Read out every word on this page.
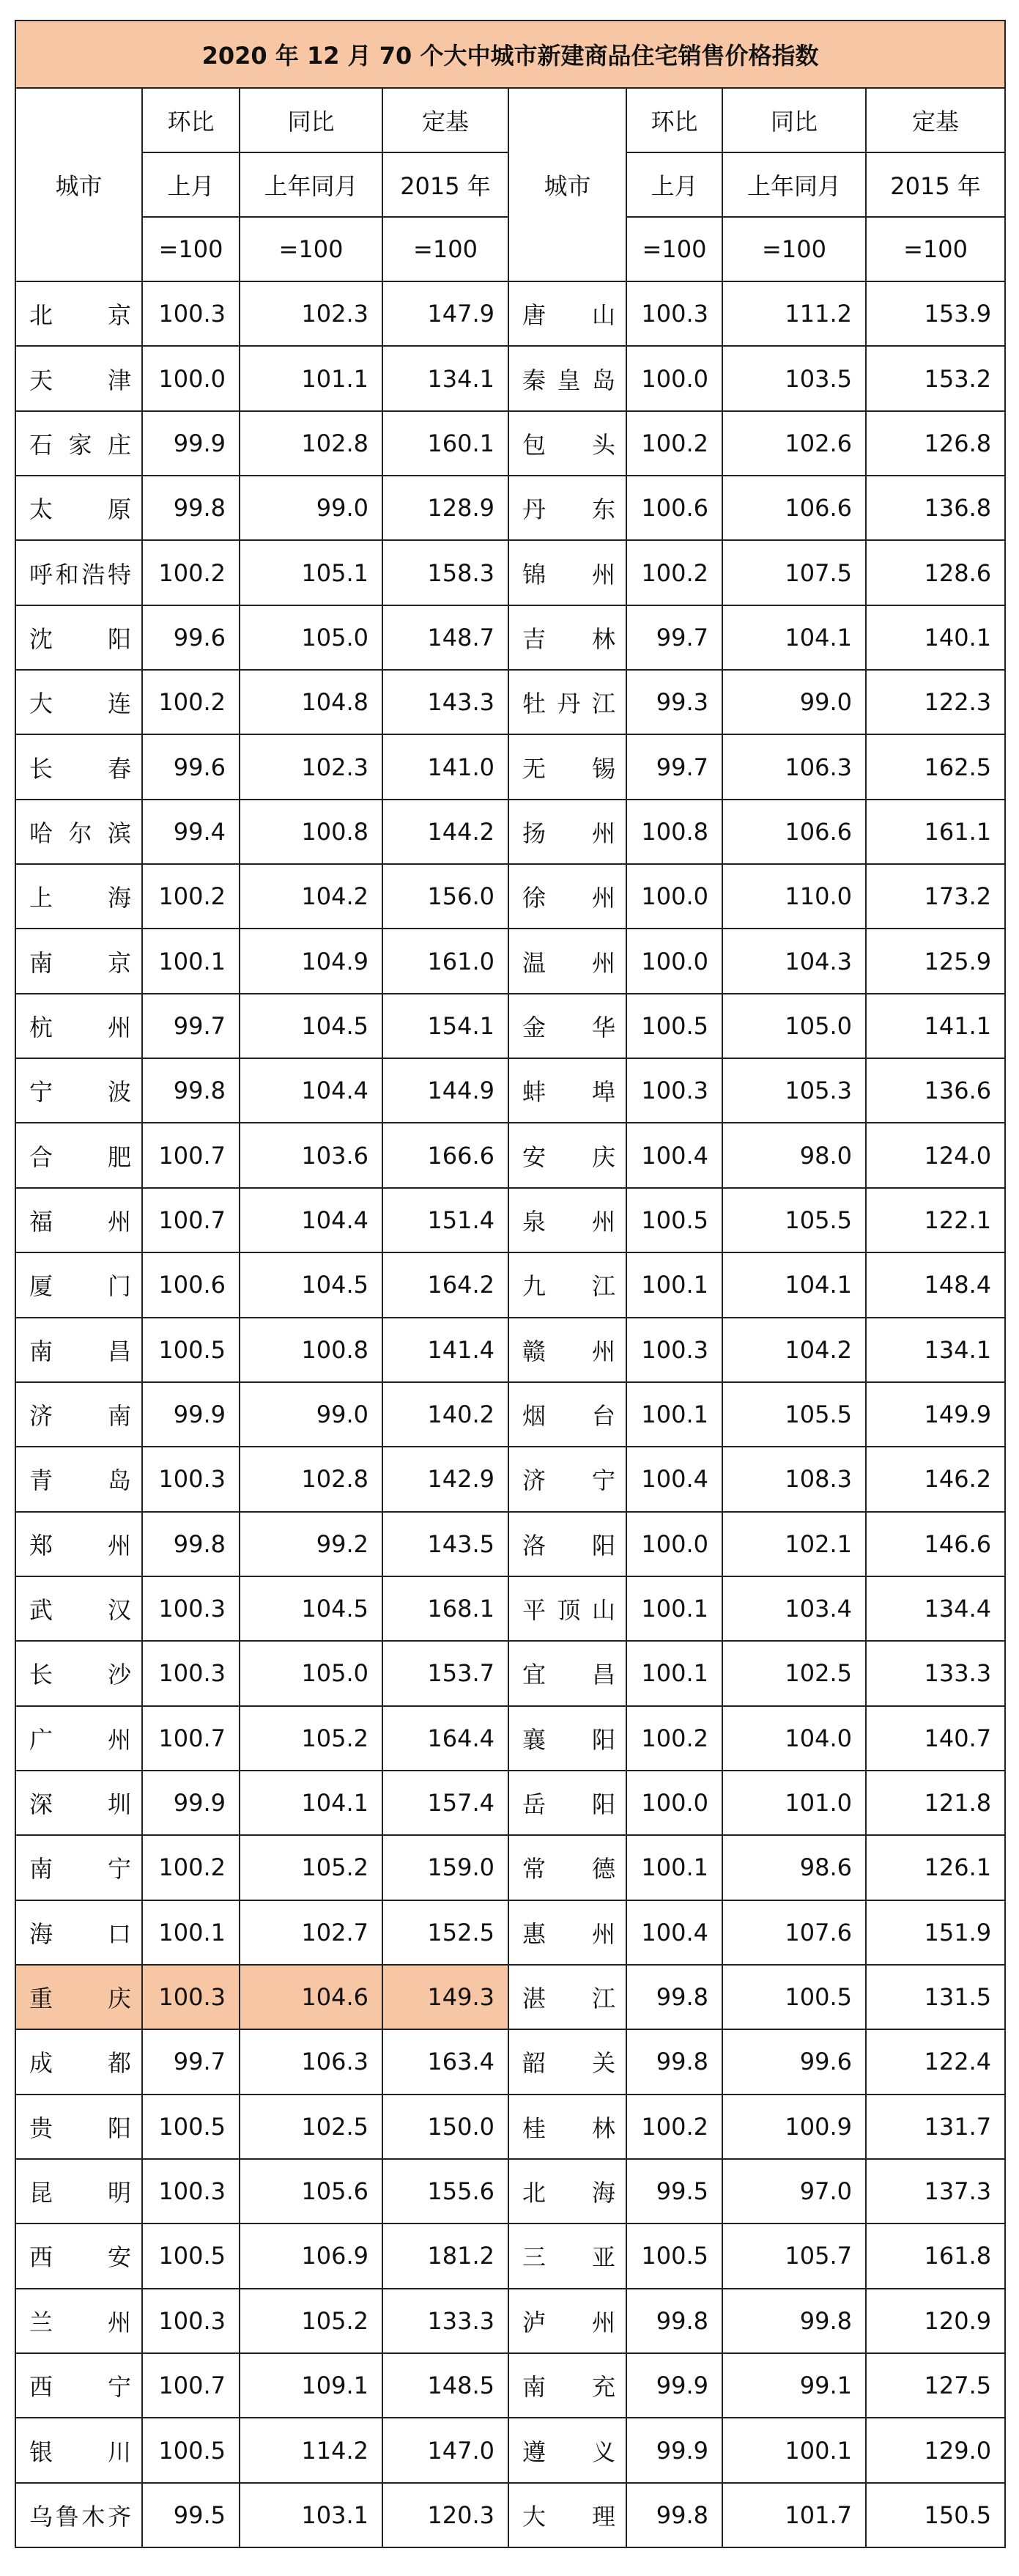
2020 年 12 月 70 个大中城市新建商品住宅销售价格指数							
城市	环比	同比	定基	城市	环比	同比	定基
	上月	上年同月	2015 年		上月	上年同月	2015 年
	=100	=100	=100		=100	=100	=100
北京	100.3	102.3	147.9	唐山	100.3	111.2	153.9
天津	100.0	101.1	134.1	秦皇岛	100.0	103.5	153.2
石家庄	99.9	102.8	160.1	包头	100.2	102.6	126.8
太原	99.8	99.0	128.9	丹东	100.6	106.6	136.8
呼和浩特	100.2	105.1	158.3	锦州	100.2	107.5	128.6
沈阳	99.6	105.0	148.7	吉林	99.7	104.1	140.1
大连	100.2	104.8	143.3	牡丹江	99.3	99.0	122.3
长春	99.6	102.3	141.0	无锡	99.7	106.3	162.5
哈尔滨	99.4	100.8	144.2	扬州	100.8	106.6	161.1
上海	100.2	104.2	156.0	徐州	100.0	110.0	173.2
南京	100.1	104.9	161.0	温州	100.0	104.3	125.9
杭州	99.7	104.5	154.1	金华	100.5	105.0	141.1
宁波	99.8	104.4	144.9	蚌埠	100.3	105.3	136.6
合肥	100.7	103.6	166.6	安庆	100.4	98.0	124.0
福州	100.7	104.4	151.4	泉州	100.5	105.5	122.1
厦门	100.6	104.5	164.2	九江	100.1	104.1	148.4
南昌	100.5	100.8	141.4	赣州	100.3	104.2	134.1
济南	99.9	99.0	140.2	烟台	100.1	105.5	149.9
青岛	100.3	102.8	142.9	济宁	100.4	108.3	146.2
郑州	99.8	99.2	143.5	洛阳	100.0	102.1	146.6
武汉	100.3	104.5	168.1	平顶山	100.1	103.4	134.4
长沙	100.3	105.0	153.7	宜昌	100.1	102.5	133.3
广州	100.7	105.2	164.4	襄阳	100.2	104.0	140.7
深圳	99.9	104.1	157.4	岳阳	100.0	101.0	121.8
南宁	100.2	105.2	159.0	常德	100.1	98.6	126.1
海口	100.1	102.7	152.5	惠州	100.4	107.6	151.9
重庆	100.3	104.6	149.3	湛江	99.8	100.5	131.5
成都	99.7	106.3	163.4	韶关	99.8	99.6	122.4
贵阳	100.5	102.5	150.0	桂林	100.2	100.9	131.7
昆明	100.3	105.6	155.6	北海	99.5	97.0	137.3
西安	100.5	106.9	181.2	三亚	100.5	105.7	161.8
兰州	100.3	105.2	133.3	泸州	99.8	99.8	120.9
西宁	100.7	109.1	148.5	南充	99.9	99.1	127.5
银川	100.5	114.2	147.0	遵义	99.9	100.1	129.0
乌鲁木齐	99.5	103.1	120.3	大理	99.8	101.7	150.5
